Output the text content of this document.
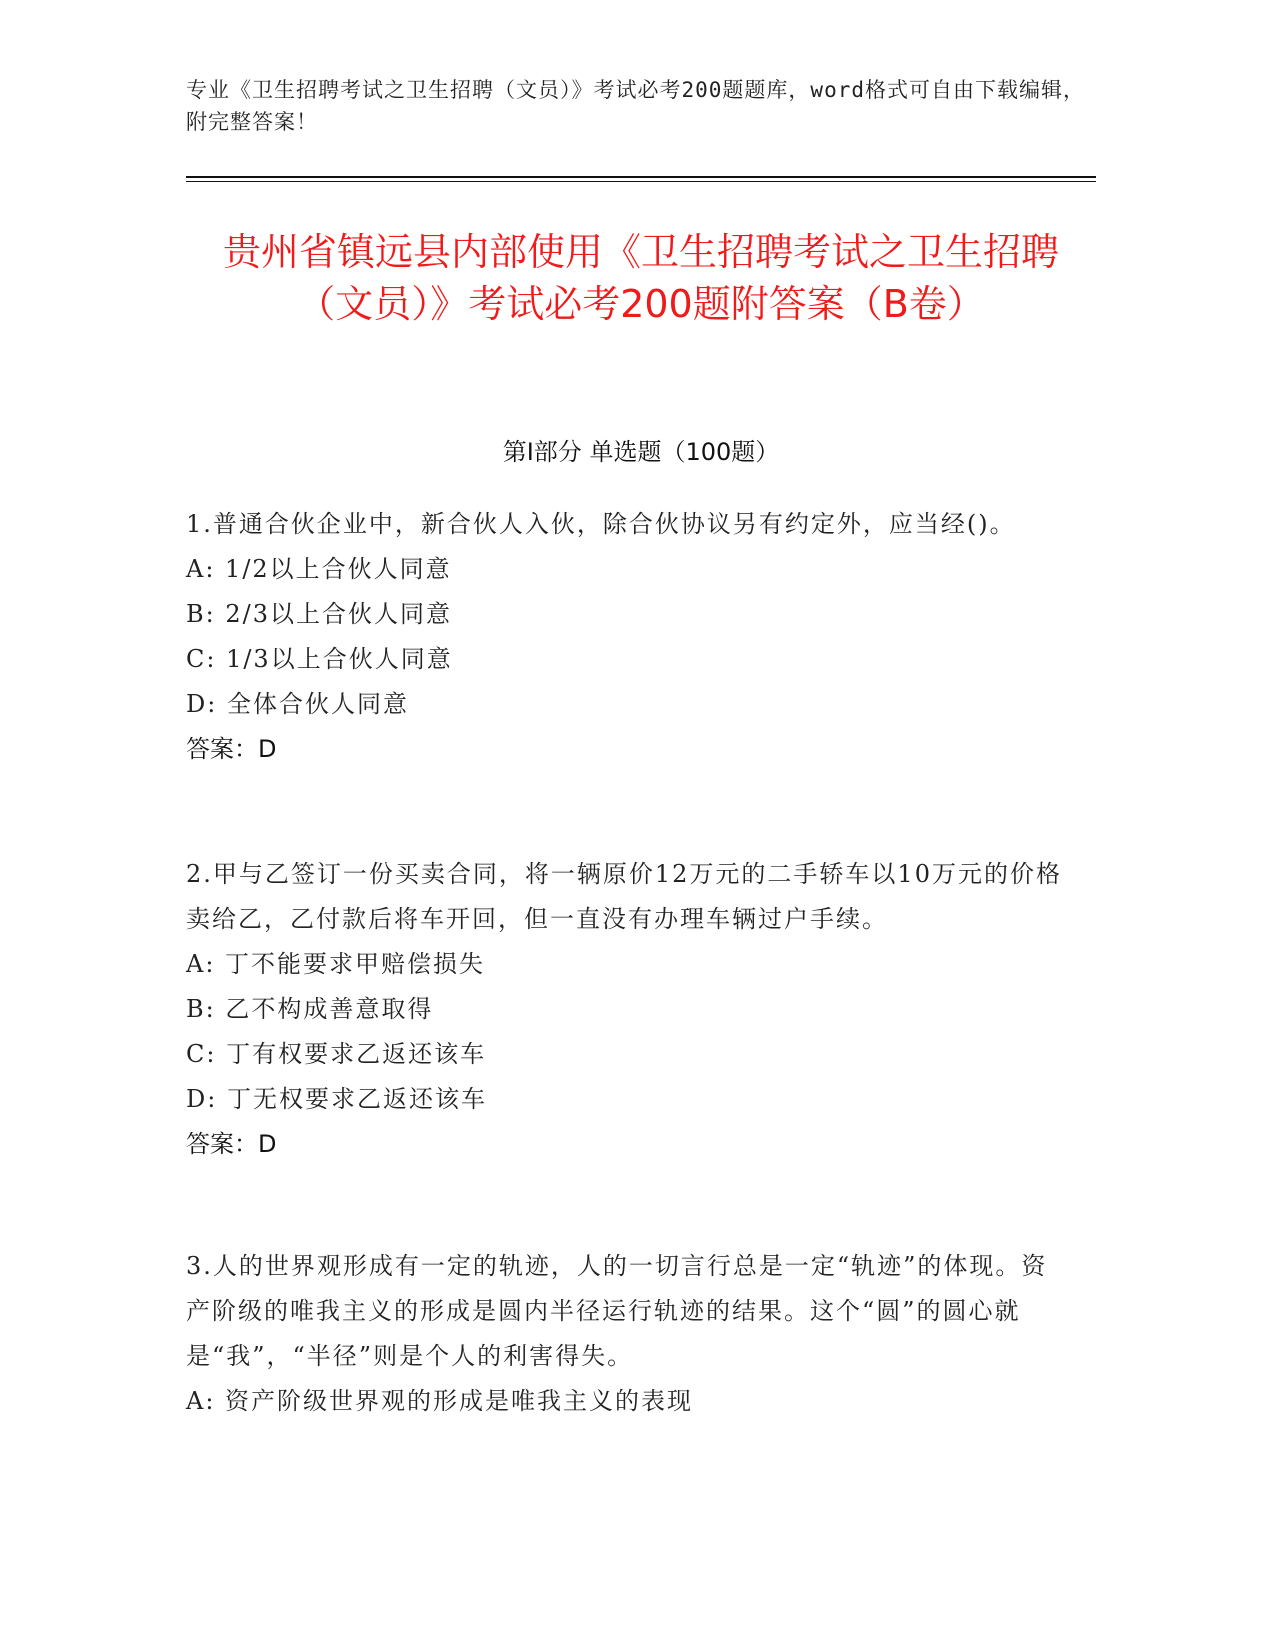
专业《卫生招聘考试之卫生招聘（文员）》考试必考200题题库，word格式可自由下载编辑，附完整答案！
贵州省镇远县内部使用《卫生招聘考试之卫生招聘（文员）》考试必考200题附答案（B卷）
第I部分 单选题（100题）
1.普通合伙企业中，新合伙人入伙，除合伙协议另有约定外，应当经()。
A: 1/2以上合伙人同意
B: 2/3以上合伙人同意
C: 1/3以上合伙人同意
D: 全体合伙人同意
答案：D
2.甲与乙签订一份买卖合同，将一辆原价12万元的二手轿车以10万元的价格卖给乙，乙付款后将车开回，但一直没有办理车辆过户手续。
A: 丁不能要求甲赔偿损失
B: 乙不构成善意取得
C: 丁有权要求乙返还该车
D: 丁无权要求乙返还该车
答案：D
3.人的世界观形成有一定的轨迹，人的一切言行总是一定“轨迹”的体现。资产阶级的唯我主义的形成是圆内半径运行轨迹的结果。这个“圆”的圆心就是“我”，“半径”则是个人的利害得失。
A: 资产阶级世界观的形成是唯我主义的表现
